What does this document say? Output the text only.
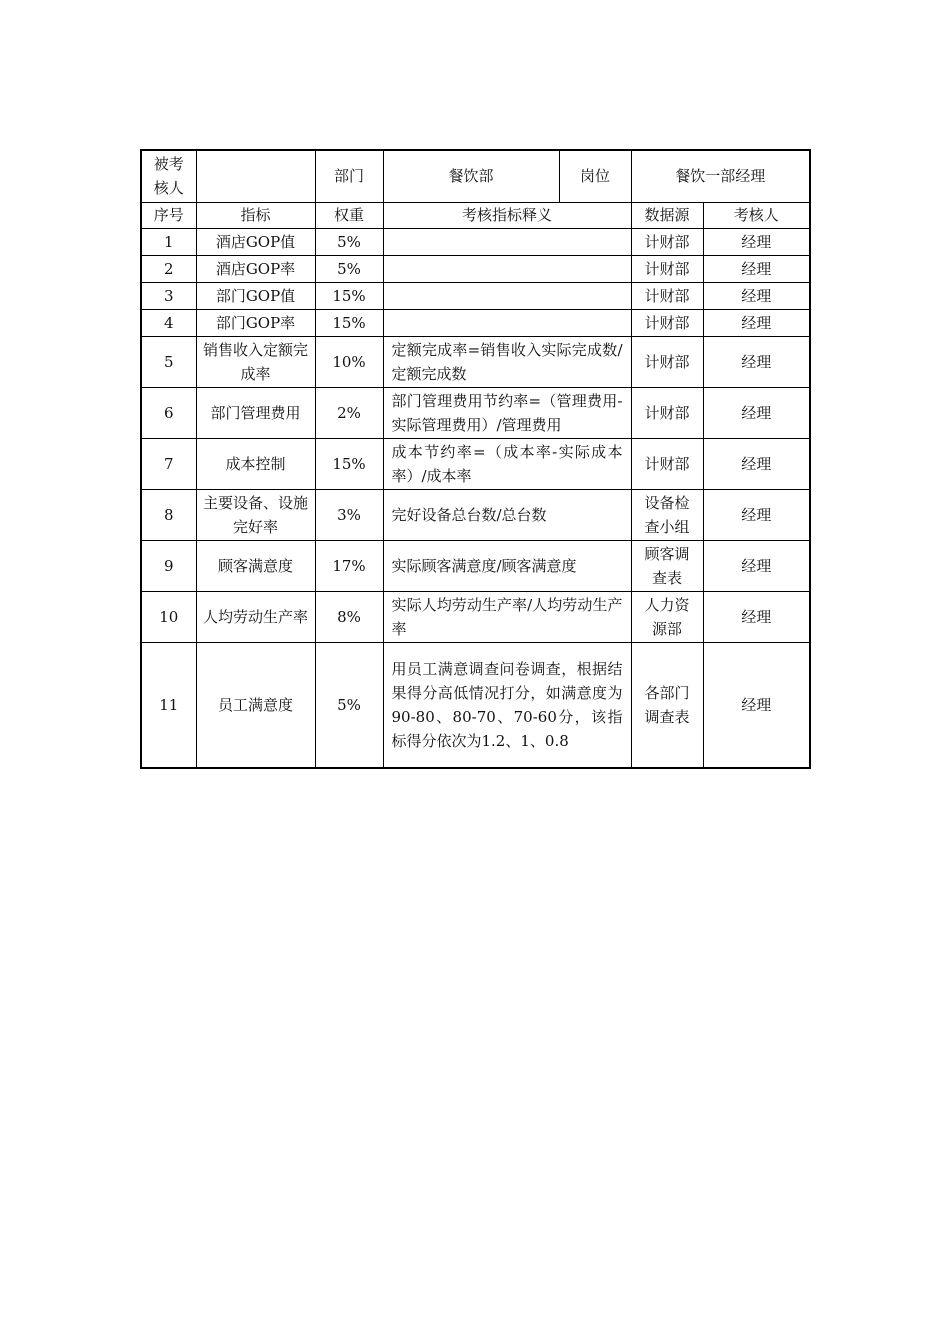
被考核人		部门	餐饮部	岗位	餐饮一部经理	
序号	指标	权重	考核指标释义		数据源	考核人
1	酒店GOP值	5%			计财部	经理
2	酒店GOP率	5%			计财部	经理
3	部门GOP值	15%			计财部	经理
4	部门GOP率	15%			计财部	经理
5	销售收入定额完成率	10%	定额完成率=销售收入实际完成数/定额完成数		计财部	经理
6	部门管理费用	2%	部门管理费用节约率=（管理费用-实际管理费用）/管理费用		计财部	经理
7	成本控制	15%	成本节约率=（成本率-实际成本率）/成本率		计财部	经理
8	主要设备、设施完好率	3%	完好设备总台数/总台数		设备检查小组	经理
9	顾客满意度	17%	实际顾客满意度/顾客满意度		顾客调查表	经理
10	人均劳动生产率	8%	实际人均劳动生产率/人均劳动生产率		人力资源部	经理
11	员工满意度	5%	用员工满意调查问卷调查，根据结果得分高低情况打分，如满意度为90-80、80-70、70-60分，该指标得分依次为1.2、1、0.8		各部门调查表	经理
